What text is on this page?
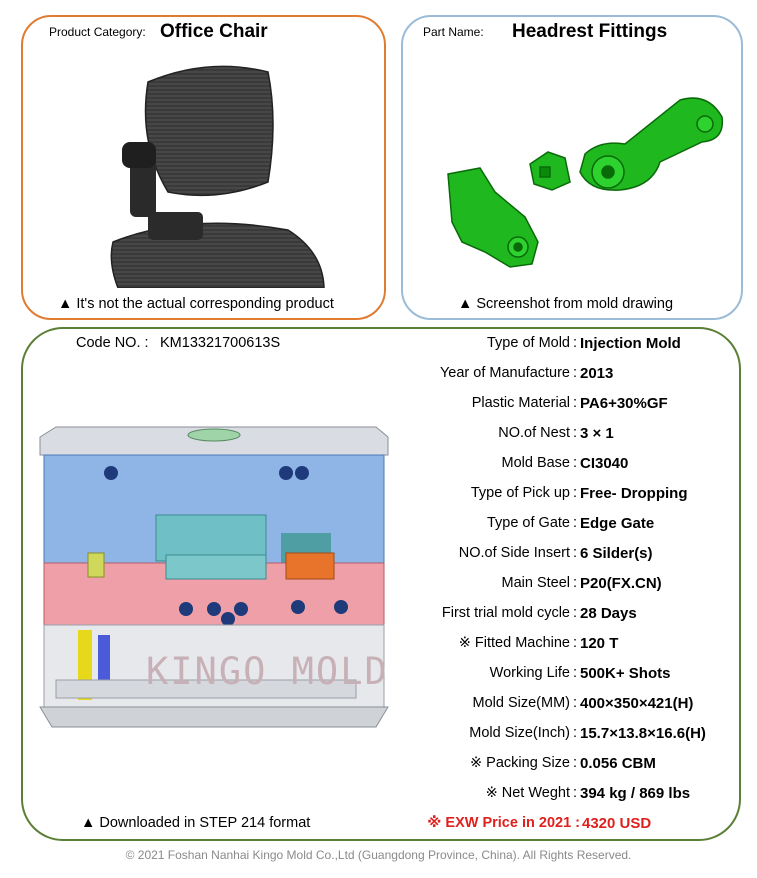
Product Category: Office Chair
▲ It's not the actual corresponding product
Part Name: Headrest Fittings
▲ Screenshot from mold drawing
Code NO. : KM13321700613S
KINGO MOLD
▲ Downloaded in STEP 214 format
Type of Mold : Injection Mold
Year of Manufacture : 2013
Plastic Material : PA6+30%GF
NO.of Nest : 3 × 1
Mold Base : CI3040
Type of Pick up : Free- Dropping
Type of Gate : Edge Gate
NO.of Side Insert : 6 Silder(s)
Main Steel : P20(FX.CN)
First trial mold cycle : 28 Days
※ Fitted Machine : 120 T
Working Life : 500K+ Shots
Mold Size(MM) : 400×350×421(H)
Mold Size(Inch) : 15.7×13.8×16.6(H)
※ Packing Size : 0.056 CBM
※ Net Weght : 394 kg / 869 lbs
※ EXW Price in 2021 : 4320 USD
© 2021 Foshan Nanhai Kingo Mold Co.,Ltd (Guangdong Province, China). All Rights Reserved.
